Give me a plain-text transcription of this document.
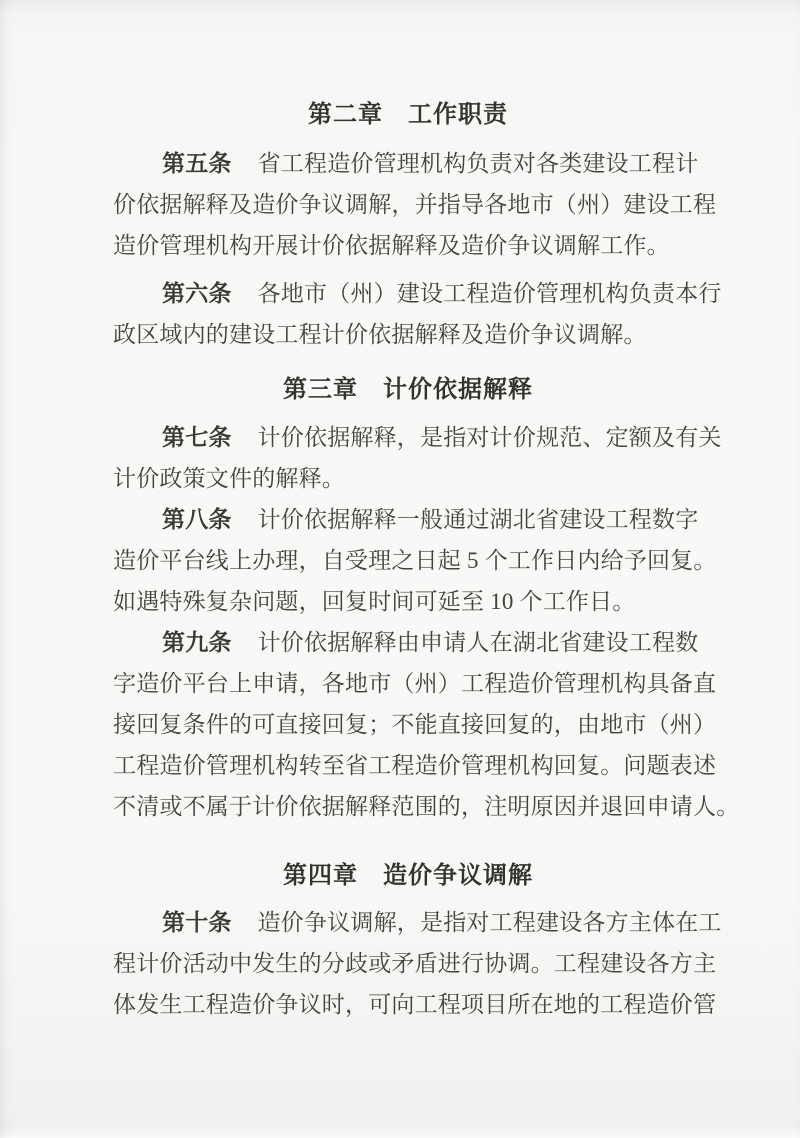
第二章　工作职责
第五条 省工程造价管理机构负责对各类建设工程计
价依据解释及造价争议调解，并指导各地市（州）建设工程
造价管理机构开展计价依据解释及造价争议调解工作。
第六条 各地市（州）建设工程造价管理机构负责本行
政区域内的建设工程计价依据解释及造价争议调解。
第三章　计价依据解释
第七条 计价依据解释，是指对计价规范、定额及有关
计价政策文件的解释。
第八条 计价依据解释一般通过湖北省建设工程数字
造价平台线上办理，自受理之日起 5 个工作日内给予回复。
如遇特殊复杂问题，回复时间可延至 10 个工作日。
第九条 计价依据解释由申请人在湖北省建设工程数
字造价平台上申请，各地市（州）工程造价管理机构具备直
接回复条件的可直接回复；不能直接回复的，由地市（州）
工程造价管理机构转至省工程造价管理机构回复。问题表述
不清或不属于计价依据解释范围的，注明原因并退回申请人。
第四章　造价争议调解
第十条 造价争议调解，是指对工程建设各方主体在工
程计价活动中发生的分歧或矛盾进行协调。工程建设各方主
体发生工程造价争议时，可向工程项目所在地的工程造价管
